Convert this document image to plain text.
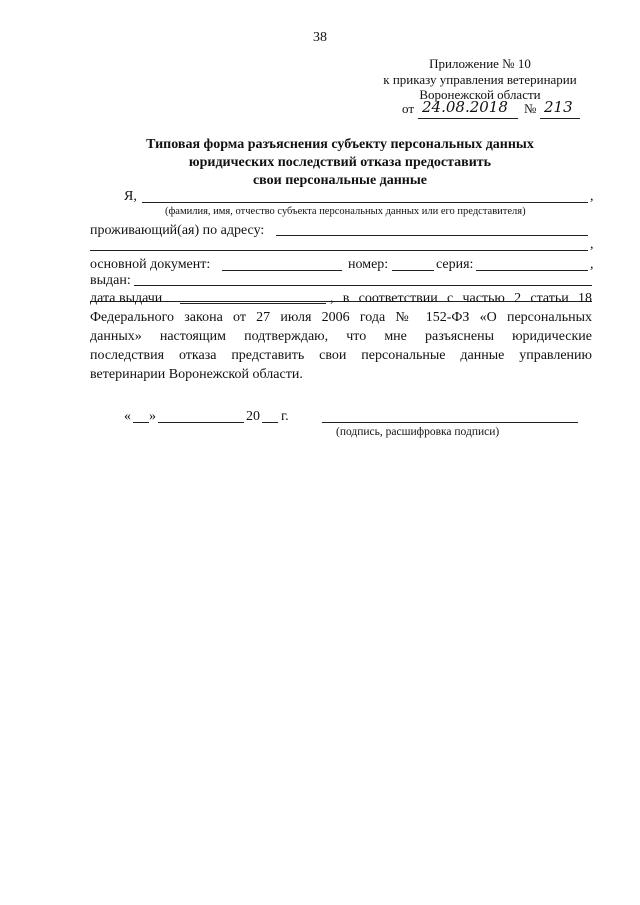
38
Приложение № 10
к приказу управления ветеринарии
Воронежской области
от 24.08.2018 № 213
Типовая форма разъяснения субъекту персональных данных
юридических последствий отказа предоставить
свои персональные данные
Я,	,
(фамилия, имя, отчество субъекта персональных данных или его представителя)
проживающий(ая) по адресу:
,
основной документ:	номер:	серия:	,
выдан:
дата выдачи	, в соответствии с частью 2 статьи 18
Федерального закона от 27 июля 2006 года № 152-ФЗ «О персональных
данных» настоящим подтверждаю, что мне разъяснены юридические
последствия отказа представить свои персональные данные управлению
ветеринарии Воронежской области.
« »	20 г.
(подпись, расшифровка подписи)
